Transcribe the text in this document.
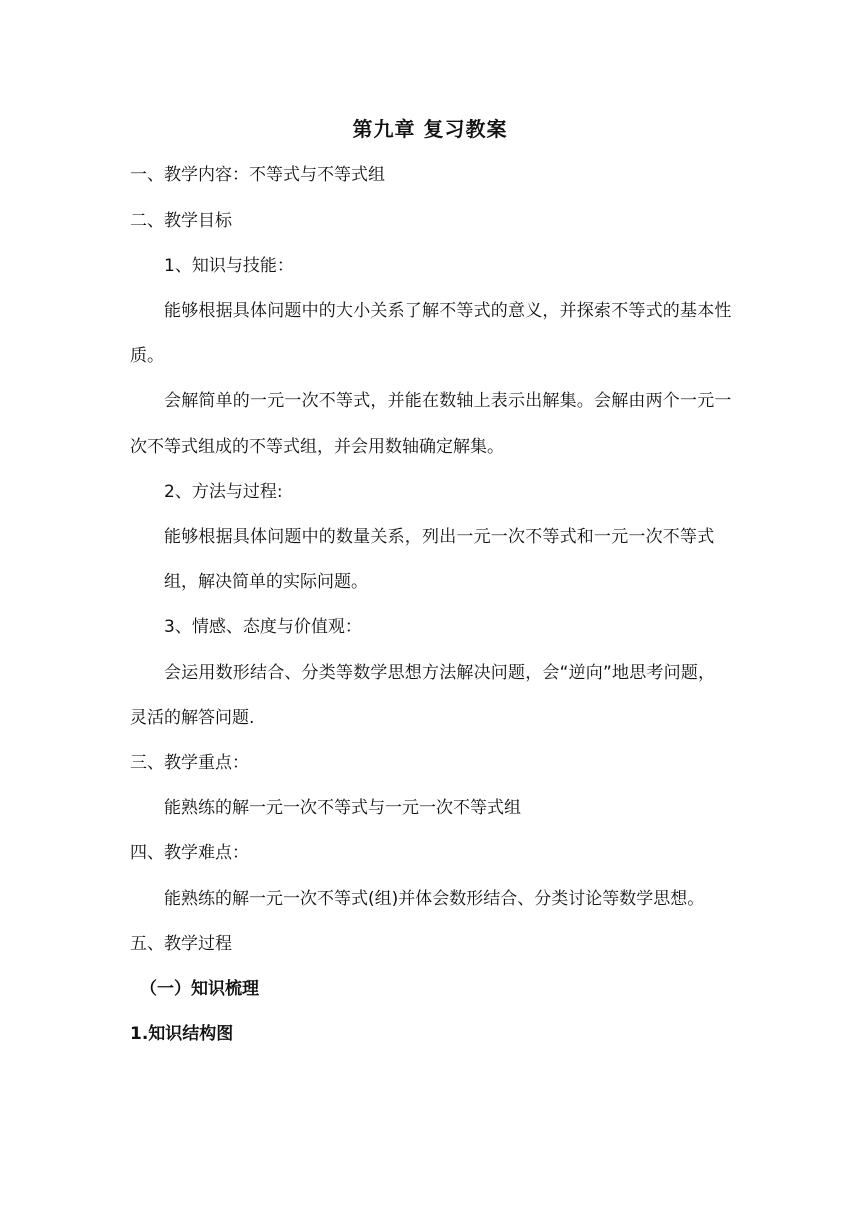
第九章 复习教案
一、教学内容：不等式与不等式组
二、教学目标
1、知识与技能：
能够根据具体问题中的大小关系了解不等式的意义，并探索不等式的基本性
质。
会解简单的一元一次不等式，并能在数轴上表示出解集。会解由两个一元一
次不等式组成的不等式组，并会用数轴确定解集。
2、方法与过程:
能够根据具体问题中的数量关系，列出一元一次不等式和一元一次不等式
组，解决简单的实际问题。
3、情感、态度与价值观：
会运用数形结合、分类等数学思想方法解决问题，会“逆向”地思考问题，
灵活的解答问题.
三、教学重点：
能熟练的解一元一次不等式与一元一次不等式组
四、教学难点：
能熟练的解一元一次不等式(组)并体会数形结合、分类讨论等数学思想。
五、教学过程
（一）知识梳理
1.知识结构图
